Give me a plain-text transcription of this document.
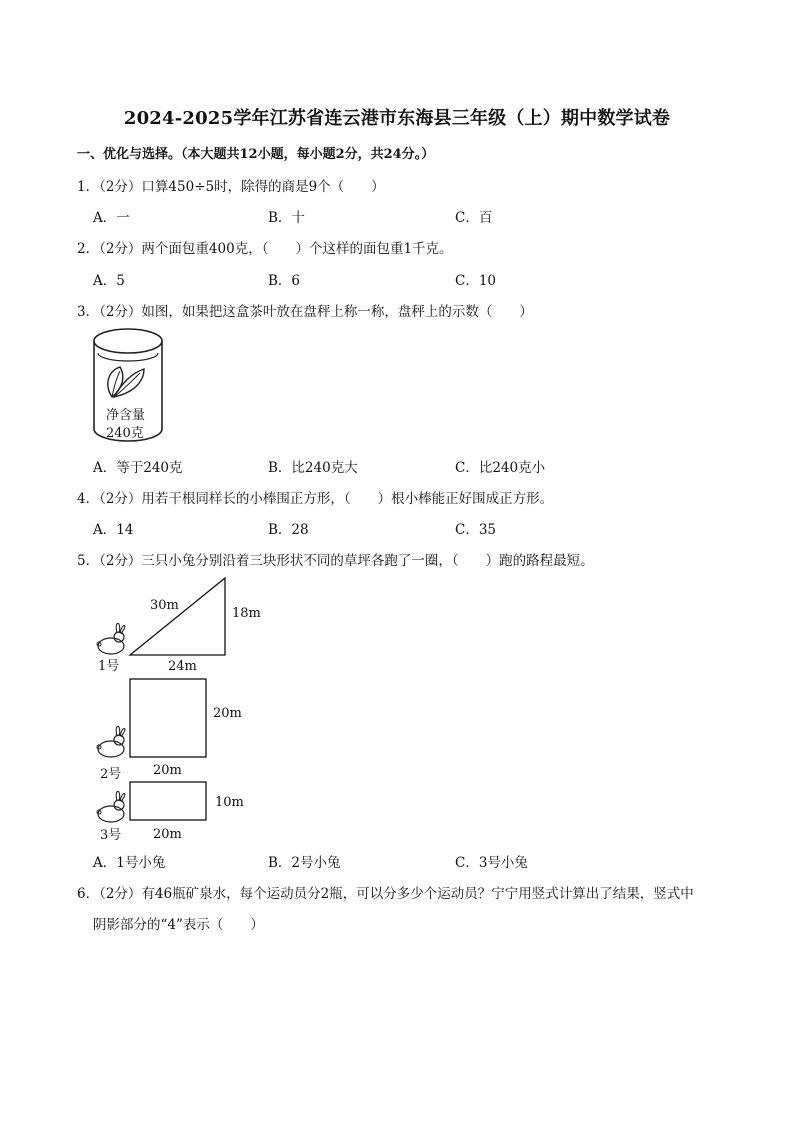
2024-2025学年江苏省连云港市东海县三年级（上）期中数学试卷
一、优化与选择。（本大题共12小题，每小题2分，共24分。）
1．（2分）口算450÷5时，除得的商是9个（　　）
A．一	B．十	C．百
2．（2分）两个面包重400克，（　　）个这样的面包重1千克。
A．5	B．6	C．10
3．（2分）如图，如果把这盒茶叶放在盘秤上称一称，盘秤上的示数（　　）
净含量
240克
A．等于240克	B．比240克大	C．比240克小
4．（2分）用若干根同样长的小棒围正方形，（　　）根小棒能正好围成正方形。
A．14	B．28	C．35
5．（2分）三只小兔分别沿着三块形状不同的草坪各跑了一圈，（　　）跑的路程最短。
30m
18m
24m
1号
20m
20m
2号
10m
20m
3号
A．1号小兔	B．2号小兔	C．3号小兔
6．（2分）有46瓶矿泉水，每个运动员分2瓶，可以分多少个运动员？宁宁用竖式计算出了结果，竖式中
阴影部分的“4”表示（　　）
